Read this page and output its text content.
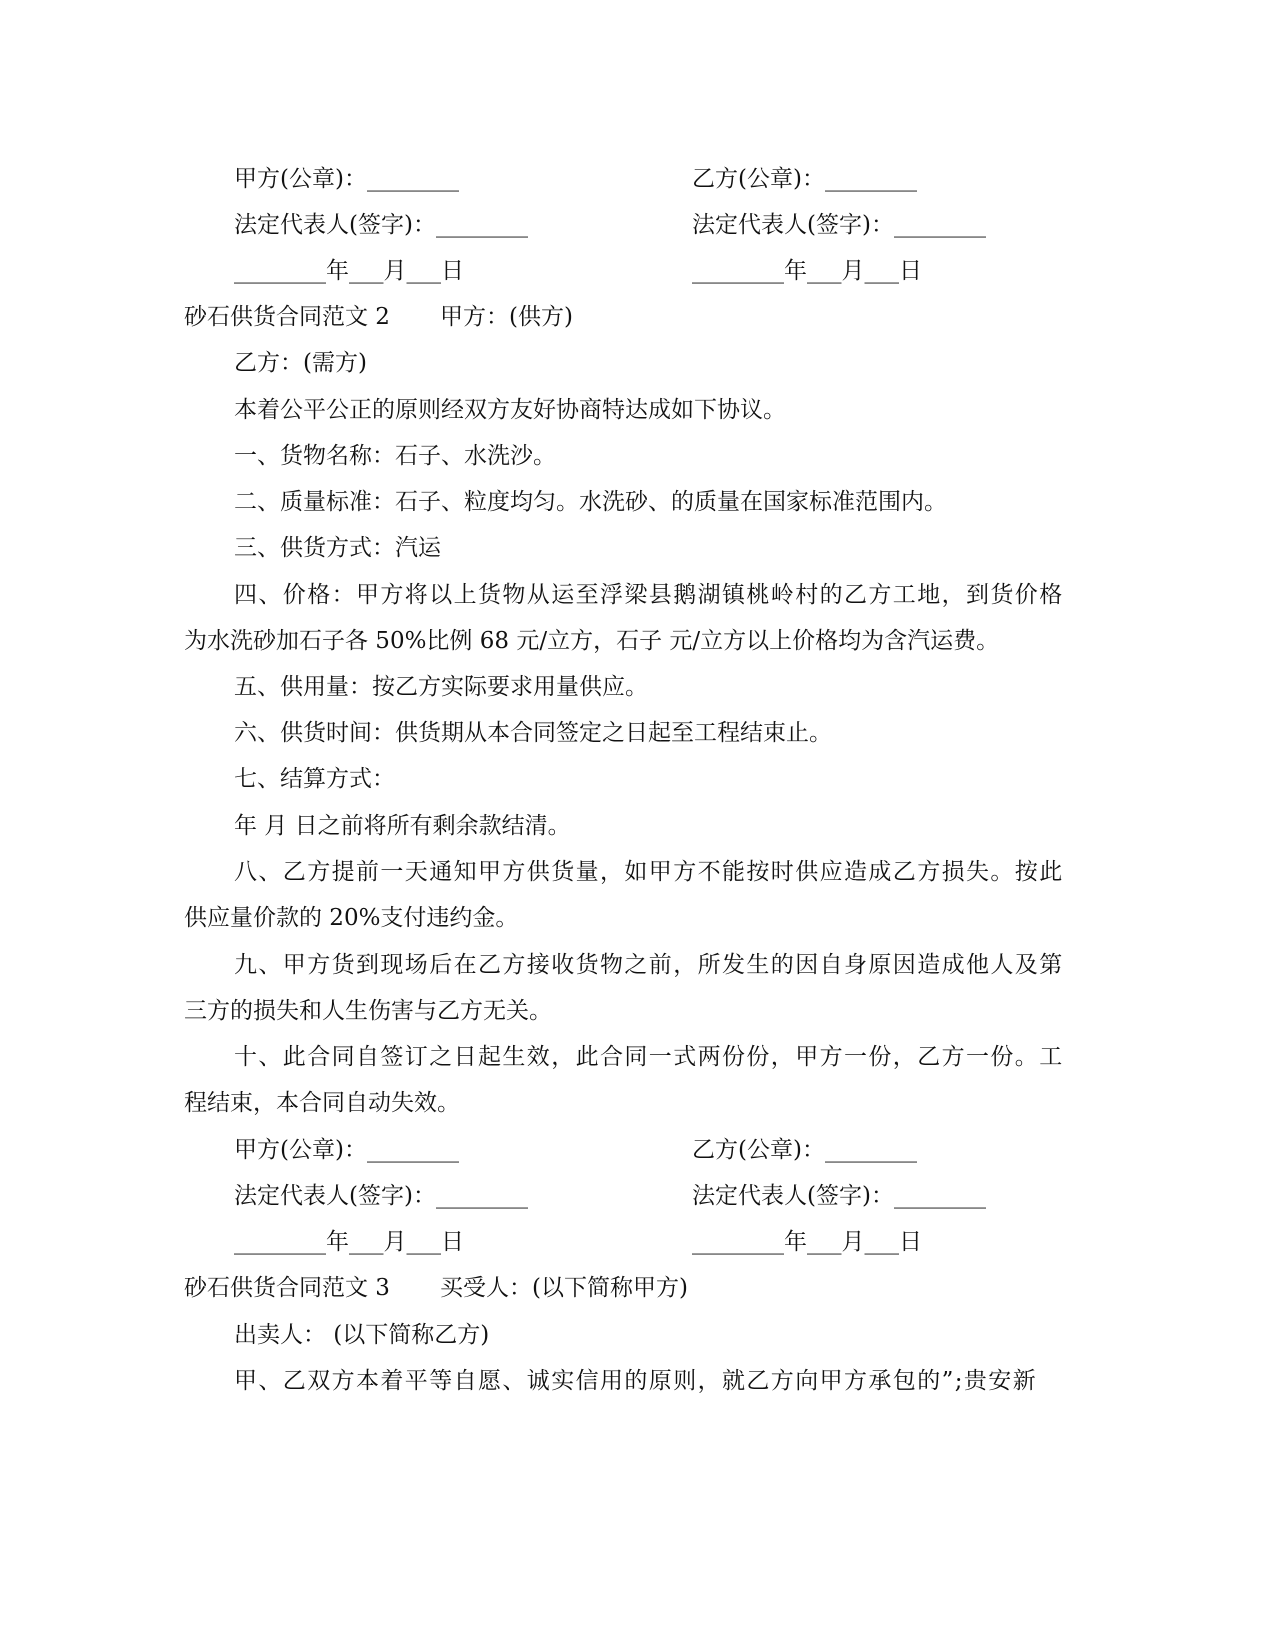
甲方(公章)：________	乙方(公章)：________
法定代表人(签字)：________	法定代表人(签字)：________
________年___月___日	________年___月___日
砂石供货合同范文 2 甲方：(供方)
乙方：(需方)
本着公平公正的原则经双方友好协商特达成如下协议。
一、货物名称：石子、水洗沙。
二、质量标准：石子、粒度均匀。水洗砂、的质量在国家标准范围内。
三、供货方式：汽运
四、价格：甲方将以上货物从运至浮梁县鹅湖镇桃岭村的乙方工地，到货价格
为水洗砂加石子各 50%比例 68 元/立方，石子 元/立方以上价格均为含汽运费。
五、供用量：按乙方实际要求用量供应。
六、供货时间：供货期从本合同签定之日起至工程结束止。
七、结算方式：
年 月 日之前将所有剩余款结清。
八、乙方提前一天通知甲方供货量，如甲方不能按时供应造成乙方损失。按此
供应量价款的 20%支付违约金。
九、甲方货到现场后在乙方接收货物之前，所发生的因自身原因造成他人及第
三方的损失和人生伤害与乙方无关。
十、此合同自签订之日起生效，此合同一式两份份，甲方一份，乙方一份。工
程结束，本合同自动失效。
甲方(公章)：________	乙方(公章)：________
法定代表人(签字)：________	法定代表人(签字)：________
________年___月___日	________年___月___日
砂石供货合同范文 3 买受人：(以下简称甲方)
出卖人： (以下简称乙方)
甲、乙双方本着平等自愿、诚实信用的原则，就乙方向甲方承包的”;贵安新
